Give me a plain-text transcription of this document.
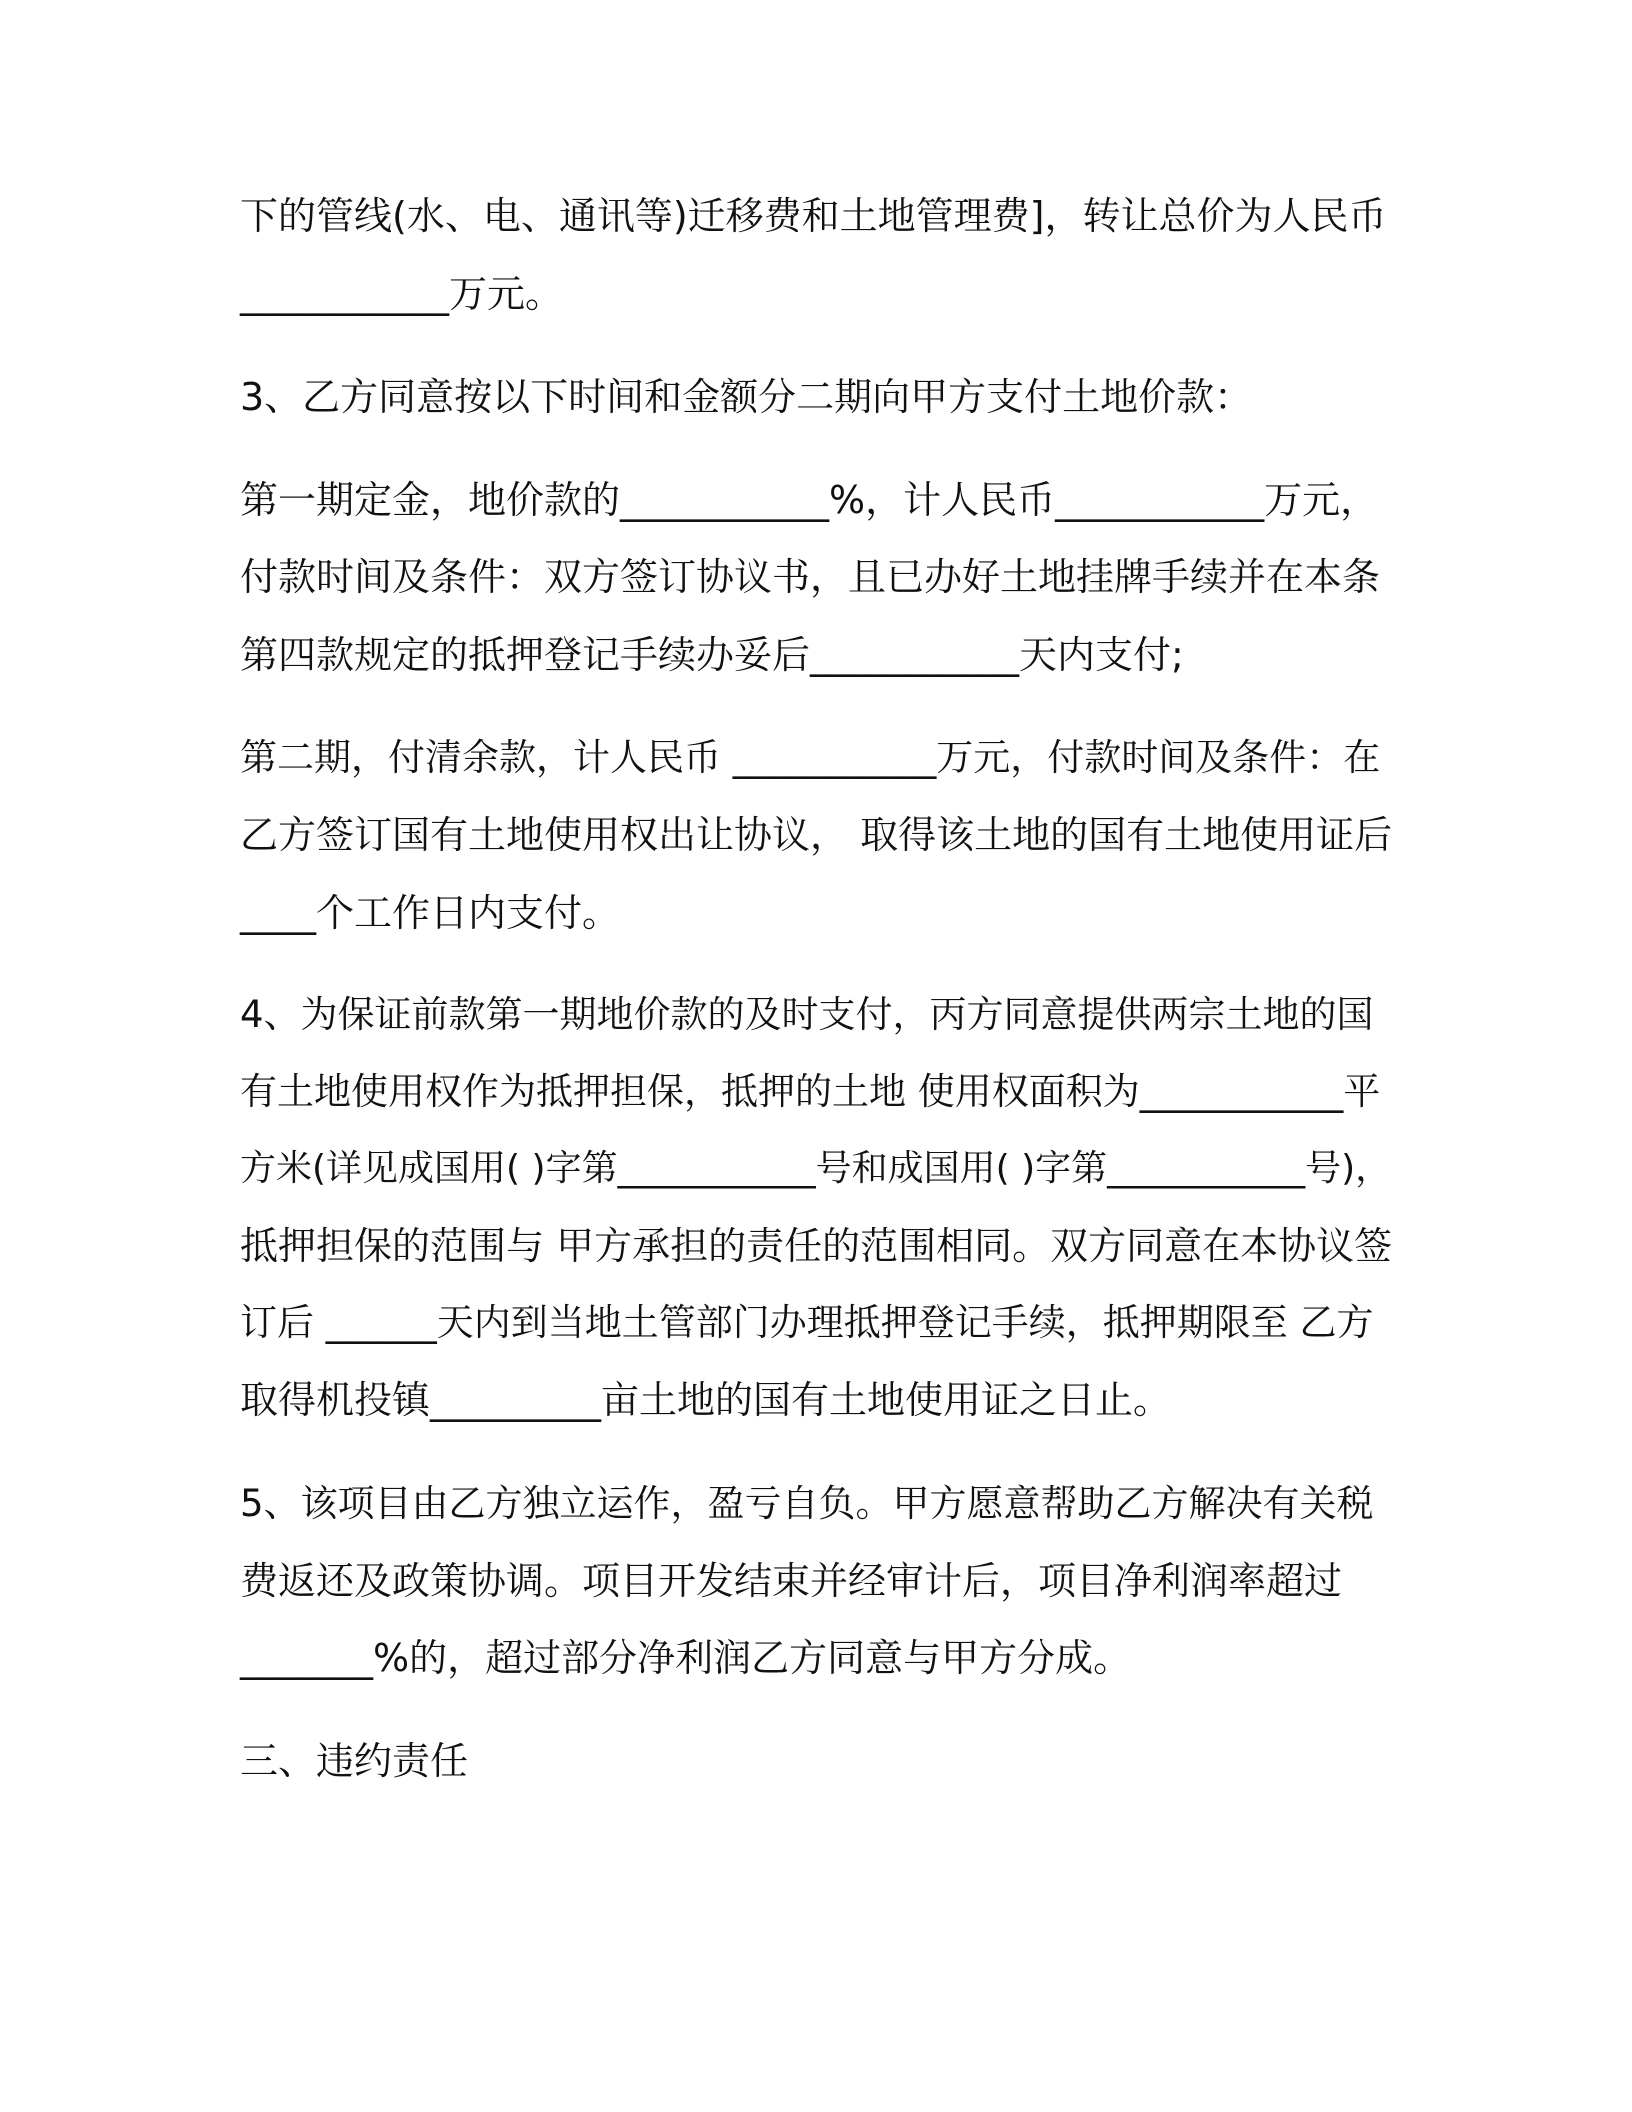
下的管线(水、电、通讯等)迁移费和土地管理费]，转让总价为人民币
___________万元。
3、乙方同意按以下时间和金额分二期向甲方支付土地价款：
第一期定金，地价款的___________%，计人民币___________万元，
付款时间及条件：双方签订协议书，且已办好土地挂牌手续并在本条
第四款规定的抵押登记手续办妥后___________天内支付;
第二期，付清余款，计人民币 ___________万元，付款时间及条件：在
乙方签订国有土地使用权出让协议， 取得该土地的国有土地使用证后
____个工作日内支付。
4、为保证前款第一期地价款的及时支付，丙方同意提供两宗土地的国
有土地使用权作为抵押担保，抵押的土地 使用权面积为___________平
方米(详见成国用( )字第___________号和成国用( )字第___________号)，
抵押担保的范围与 甲方承担的责任的范围相同。双方同意在本协议签
订后 ______天内到当地土管部门办理抵押登记手续，抵押期限至 乙方
取得机投镇_________亩土地的国有土地使用证之日止。
5、该项目由乙方独立运作，盈亏自负。甲方愿意帮助乙方解决有关税
费返还及政策协调。项目开发结束并经审计后，项目净利润率超过
_______%的，超过部分净利润乙方同意与甲方分成。
三、违约责任
